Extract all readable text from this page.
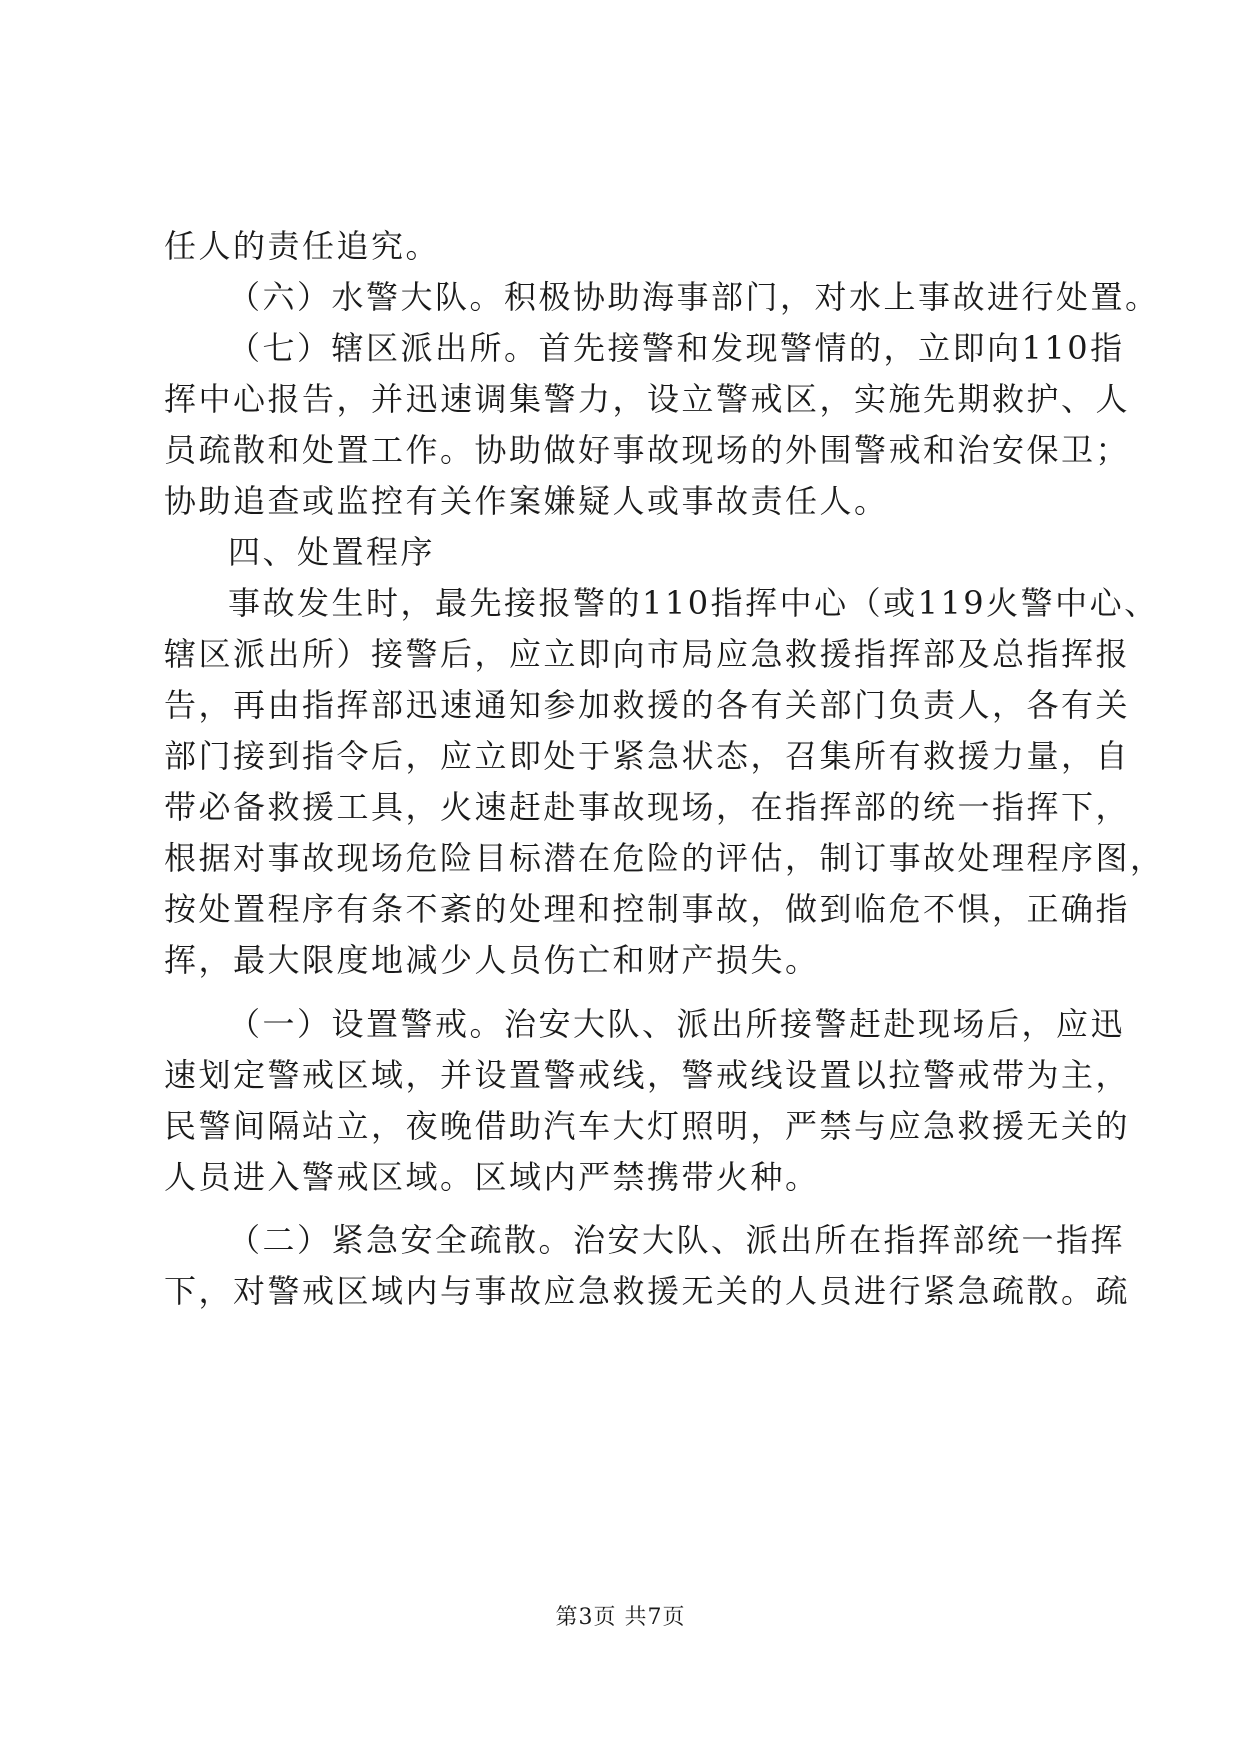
任人的责任追究。
（六）水警大队。积极协助海事部门，对水上事故进行处置。
（七）辖区派出所。首先接警和发现警情的，立即向110指
挥中心报告，并迅速调集警力，设立警戒区，实施先期救护、人
员疏散和处置工作。协助做好事故现场的外围警戒和治安保卫；
协助追查或监控有关作案嫌疑人或事故责任人。
四、处置程序
事故发生时，最先接报警的110指挥中心（或119火警中心、
辖区派出所）接警后，应立即向市局应急救援指挥部及总指挥报
告，再由指挥部迅速通知参加救援的各有关部门负责人，各有关
部门接到指令后，应立即处于紧急状态，召集所有救援力量，自
带必备救援工具，火速赶赴事故现场，在指挥部的统一指挥下，
根据对事故现场危险目标潜在危险的评估，制订事故处理程序图，
按处置程序有条不紊的处理和控制事故，做到临危不惧，正确指
挥，最大限度地减少人员伤亡和财产损失。
（一）设置警戒。治安大队、派出所接警赶赴现场后，应迅
速划定警戒区域，并设置警戒线，警戒线设置以拉警戒带为主，
民警间隔站立，夜晚借助汽车大灯照明，严禁与应急救援无关的
人员进入警戒区域。区域内严禁携带火种。
（二）紧急安全疏散。治安大队、派出所在指挥部统一指挥
下，对警戒区域内与事故应急救援无关的人员进行紧急疏散。疏
第3页 共7页
